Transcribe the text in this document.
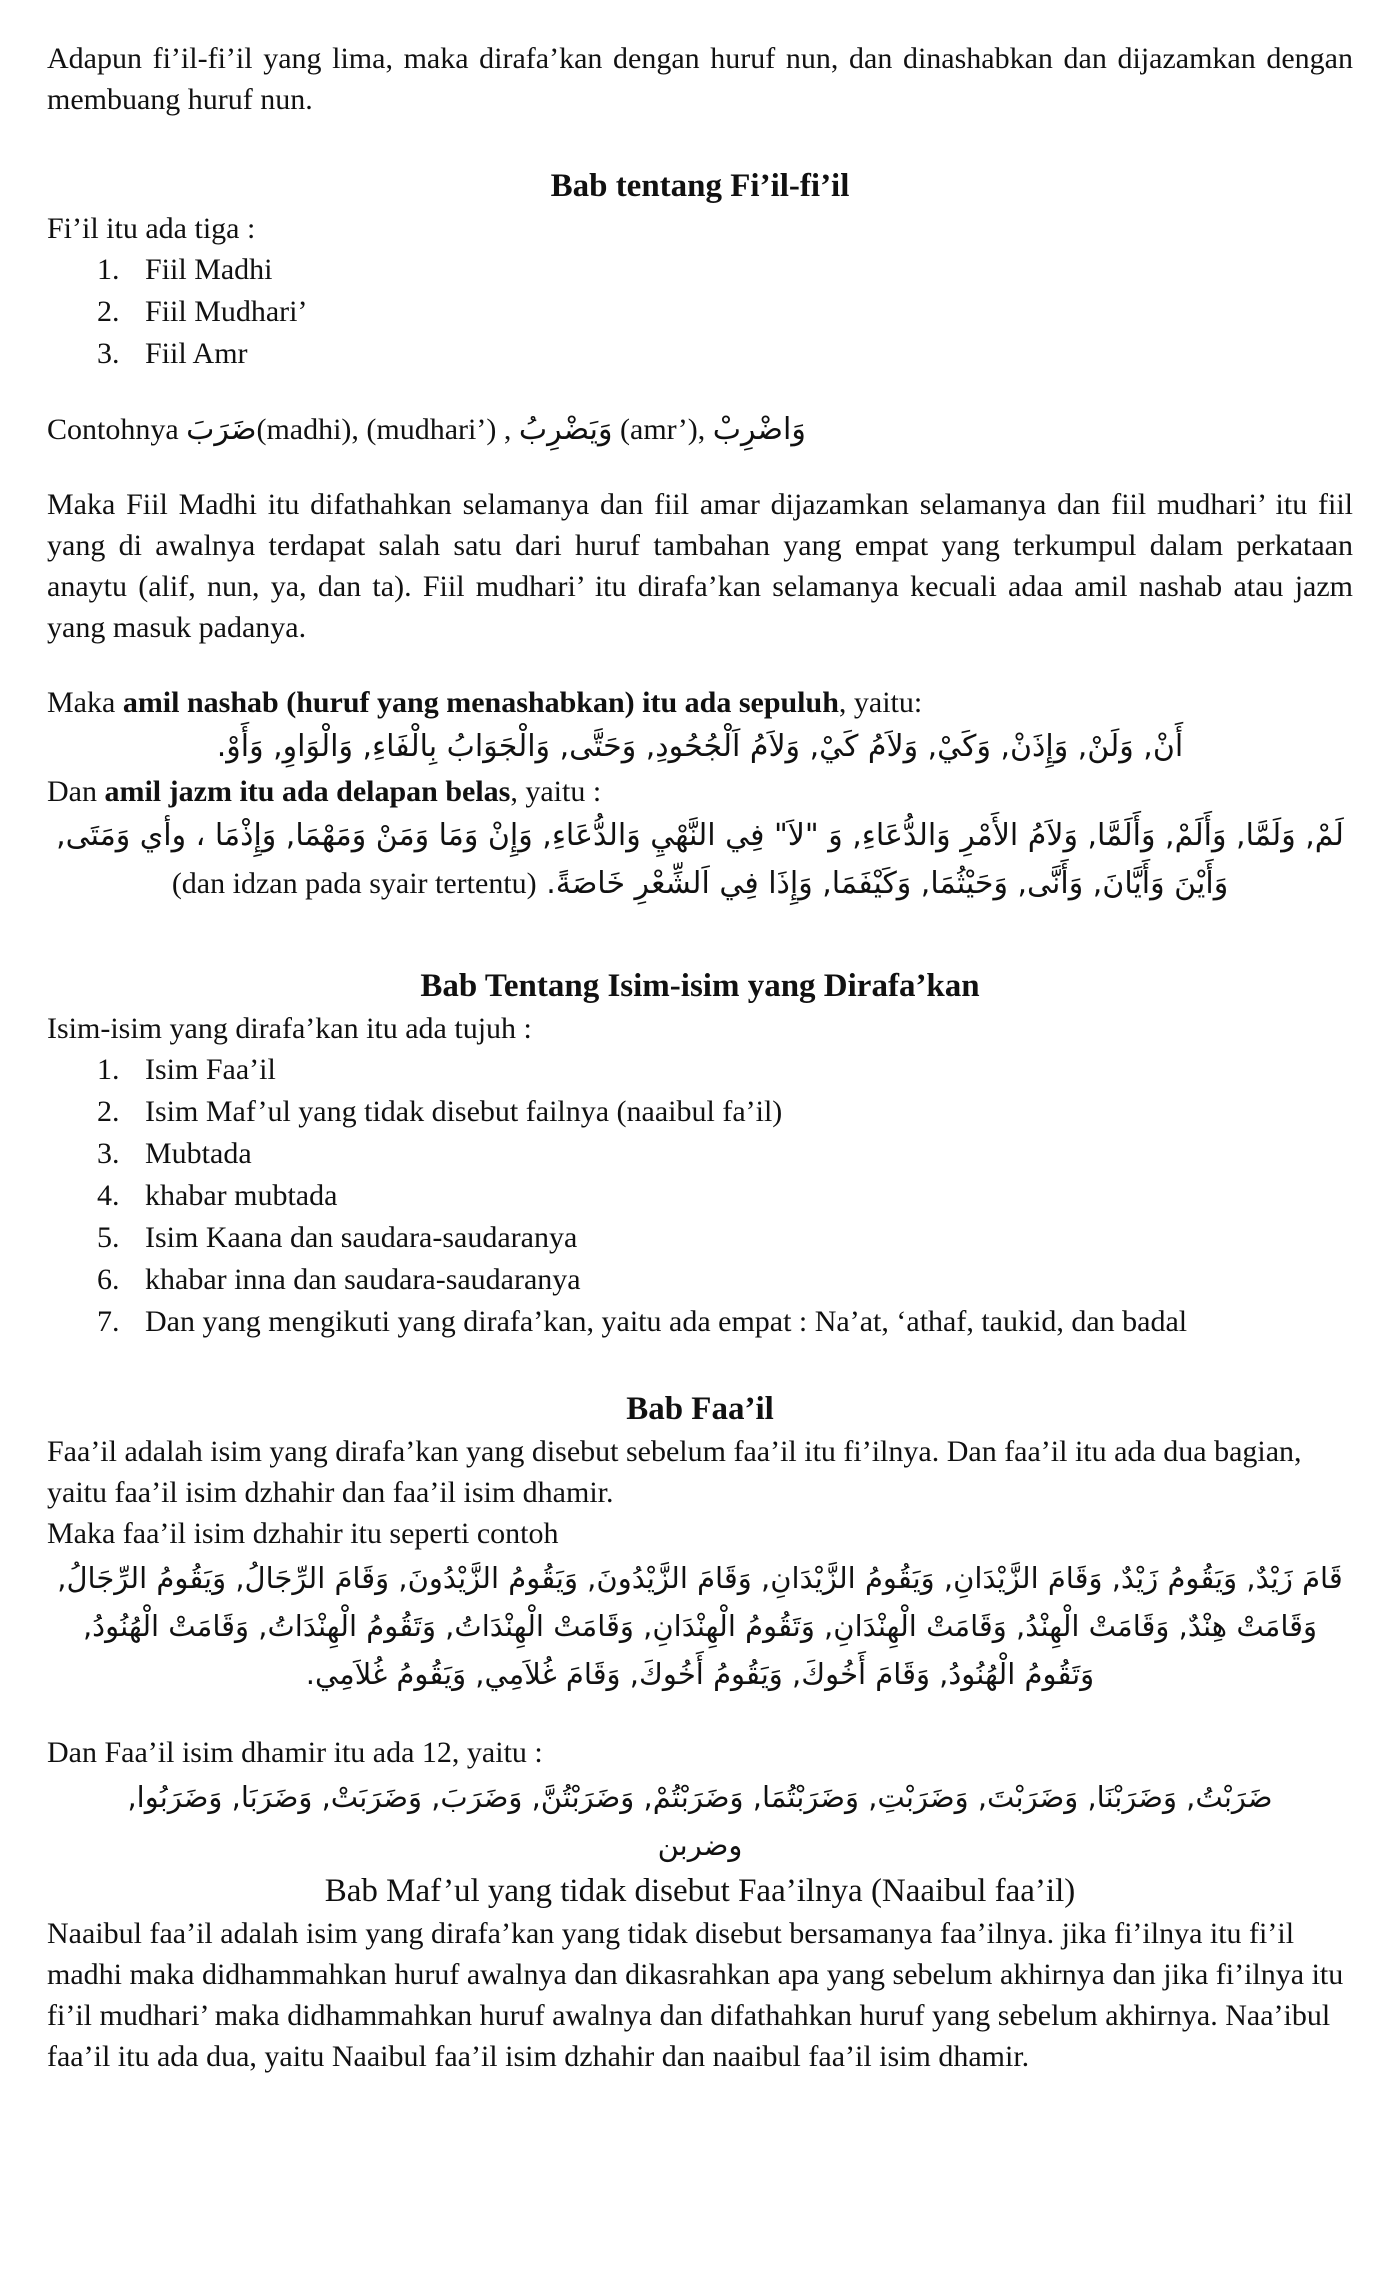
Adapun fi’il-fi’il yang lima, maka dirafa’kan dengan huruf nun, dan dinashabkan dan dijazamkan dengan membuang huruf nun.

Bab tentang Fi’il-fi’il

Fi’il itu ada tiga :

1. Fiil Madhi
2. Fiil Mudhari’
3. Fiil Amr

Contohnya ضَرَبَ(madhi), (mudhari’) , وَيَضْرِبُ (amr’), وَاضْرِبْ

Maka Fiil Madhi itu difathahkan selamanya dan fiil amar dijazamkan selamanya dan fiil mudhari’ itu fiil yang di awalnya terdapat salah satu dari huruf tambahan yang empat yang terkumpul dalam perkataan anaytu (alif, nun, ya, dan ta). Fiil mudhari’ itu dirafa’kan selamanya kecuali adaa amil nashab atau jazm yang masuk padanya.

Maka amil nashab (huruf yang menashabkan) itu ada sepuluh, yaitu:

أَنْ, وَلَنْ, وَإِذَنْ, وَكَيْ, وَلاَمُ كَيْ, وَلاَمُ اَلْجُحُودِ, وَحَتَّى, وَالْجَوَابُ بِالْفَاءِ, وَالْوَاوِ, وَأَوْ.

Dan amil jazm itu ada delapan belas, yaitu :

لَمْ, وَلَمَّا, وَأَلَمْ, وَأَلَمَّا, وَلاَمُ الأَمْرِ وَالدُّعَاءِ, وَ "لاَ" فِي النَّهْيِ وَالدُّعَاءِ, وَإِنْ وَمَا وَمَنْ وَمَهْمَا, وَإِذْمَا ، وأي وَمَتَى,

وَأَيْنَ وَأَيَّانَ, وَأَنَّى, وَحَيْثُمَا, وَكَيْفَمَا, وَإِذَا فِي اَلشِّعْرِ خَاصَةً. (dan idzan pada syair tertentu)

Bab Tentang Isim-isim yang Dirafa’kan

Isim-isim yang dirafa’kan itu ada tujuh :

1. Isim Faa’il
2. Isim Maf’ul yang tidak disebut failnya (naaibul fa’il)
3. Mubtada
4. khabar mubtada
5. Isim Kaana dan saudara-saudaranya
6. khabar inna dan saudara-saudaranya
7. Dan yang mengikuti yang dirafa’kan, yaitu ada empat : Na’at, ‘athaf, taukid, dan badal
Bab Faa’il

Faa’il adalah isim yang dirafa’kan yang disebut sebelum faa’il itu fi’ilnya. Dan faa’il itu ada dua bagian, yaitu faa’il isim dzhahir dan faa’il isim dhamir.

Maka faa’il isim dzhahir itu seperti contoh

قَامَ زَيْدٌ, وَيَقُومُ زَيْدٌ, وَقَامَ الزَّيْدَانِ, وَيَقُومُ الزَّيْدَانِ, وَقَامَ الزَّيْدُونَ, وَيَقُومُ الزَّيْدُونَ, وَقَامَ الرِّجَالُ, وَيَقُومُ الرِّجَالُ,

وَقَامَتْ هِنْدٌ, وَقَامَتْ الْهِنْدُ, وَقَامَتْ الْهِنْدَانِ, وَتَقُومُ الْهِنْدَانِ, وَقَامَتْ الْهِنْدَاتُ, وَتَقُومُ الْهِنْدَاتُ, وَقَامَتْ الْهُنُودُ,

وَتَقُومُ الْهُنُودُ, وَقَامَ أَخُوكَ, وَيَقُومُ أَخُوكَ, وَقَامَ غُلاَمِي, وَيَقُومُ غُلاَمِي.

Dan Faa’il isim dhamir itu ada 12, yaitu :

ضَرَبْتُ, وَضَرَبْنَا, وَضَرَبْتَ, وَضَرَبْتِ, وَضَرَبْتُمَا, وَضَرَبْتُمْ, وَضَرَبْتُنَّ, وَضَرَبَ, وَضَرَبَتْ, وَضَرَبَا, وَضَرَبُوا,

وضربن

Bab Maf’ul yang tidak disebut Faa’ilnya (Naaibul faa’il)

Naaibul faa’il adalah isim yang dirafa’kan yang tidak disebut bersamanya faa’ilnya. jika fi’ilnya itu fi’il madhi maka didhammahkan huruf awalnya dan dikasrahkan apa yang sebelum akhirnya dan jika fi’ilnya itu fi’il mudhari’ maka didhammahkan huruf awalnya dan difathahkan huruf yang sebelum akhirnya. Naa’ibul faa’il itu ada dua, yaitu Naaibul faa’il isim dzhahir dan naaibul faa’il isim dhamir.
